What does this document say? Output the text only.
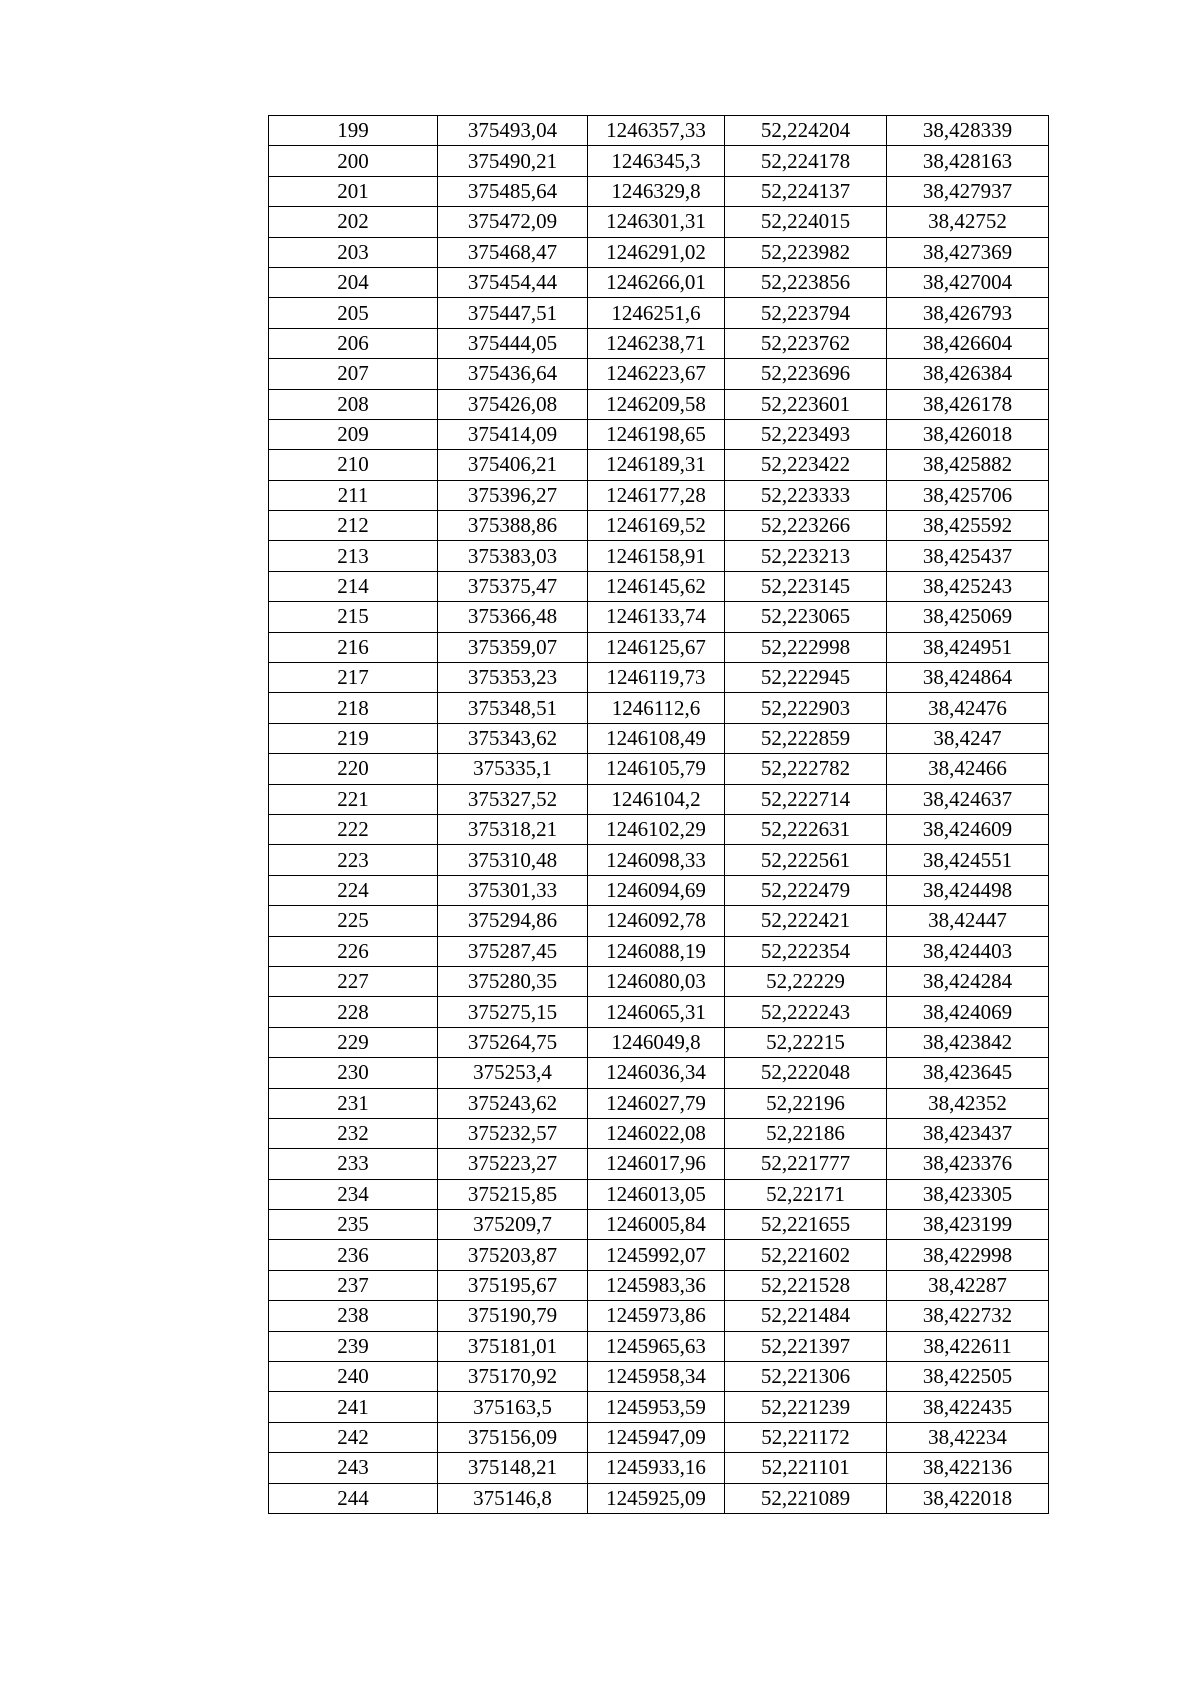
199	375493,04	1246357,33	52,224204	38,428339
200	375490,21	1246345,3	52,224178	38,428163
201	375485,64	1246329,8	52,224137	38,427937
202	375472,09	1246301,31	52,224015	38,42752
203	375468,47	1246291,02	52,223982	38,427369
204	375454,44	1246266,01	52,223856	38,427004
205	375447,51	1246251,6	52,223794	38,426793
206	375444,05	1246238,71	52,223762	38,426604
207	375436,64	1246223,67	52,223696	38,426384
208	375426,08	1246209,58	52,223601	38,426178
209	375414,09	1246198,65	52,223493	38,426018
210	375406,21	1246189,31	52,223422	38,425882
211	375396,27	1246177,28	52,223333	38,425706
212	375388,86	1246169,52	52,223266	38,425592
213	375383,03	1246158,91	52,223213	38,425437
214	375375,47	1246145,62	52,223145	38,425243
215	375366,48	1246133,74	52,223065	38,425069
216	375359,07	1246125,67	52,222998	38,424951
217	375353,23	1246119,73	52,222945	38,424864
218	375348,51	1246112,6	52,222903	38,42476
219	375343,62	1246108,49	52,222859	38,4247
220	375335,1	1246105,79	52,222782	38,42466
221	375327,52	1246104,2	52,222714	38,424637
222	375318,21	1246102,29	52,222631	38,424609
223	375310,48	1246098,33	52,222561	38,424551
224	375301,33	1246094,69	52,222479	38,424498
225	375294,86	1246092,78	52,222421	38,42447
226	375287,45	1246088,19	52,222354	38,424403
227	375280,35	1246080,03	52,22229	38,424284
228	375275,15	1246065,31	52,222243	38,424069
229	375264,75	1246049,8	52,22215	38,423842
230	375253,4	1246036,34	52,222048	38,423645
231	375243,62	1246027,79	52,22196	38,42352
232	375232,57	1246022,08	52,22186	38,423437
233	375223,27	1246017,96	52,221777	38,423376
234	375215,85	1246013,05	52,22171	38,423305
235	375209,7	1246005,84	52,221655	38,423199
236	375203,87	1245992,07	52,221602	38,422998
237	375195,67	1245983,36	52,221528	38,42287
238	375190,79	1245973,86	52,221484	38,422732
239	375181,01	1245965,63	52,221397	38,422611
240	375170,92	1245958,34	52,221306	38,422505
241	375163,5	1245953,59	52,221239	38,422435
242	375156,09	1245947,09	52,221172	38,42234
243	375148,21	1245933,16	52,221101	38,422136
244	375146,8	1245925,09	52,221089	38,422018
